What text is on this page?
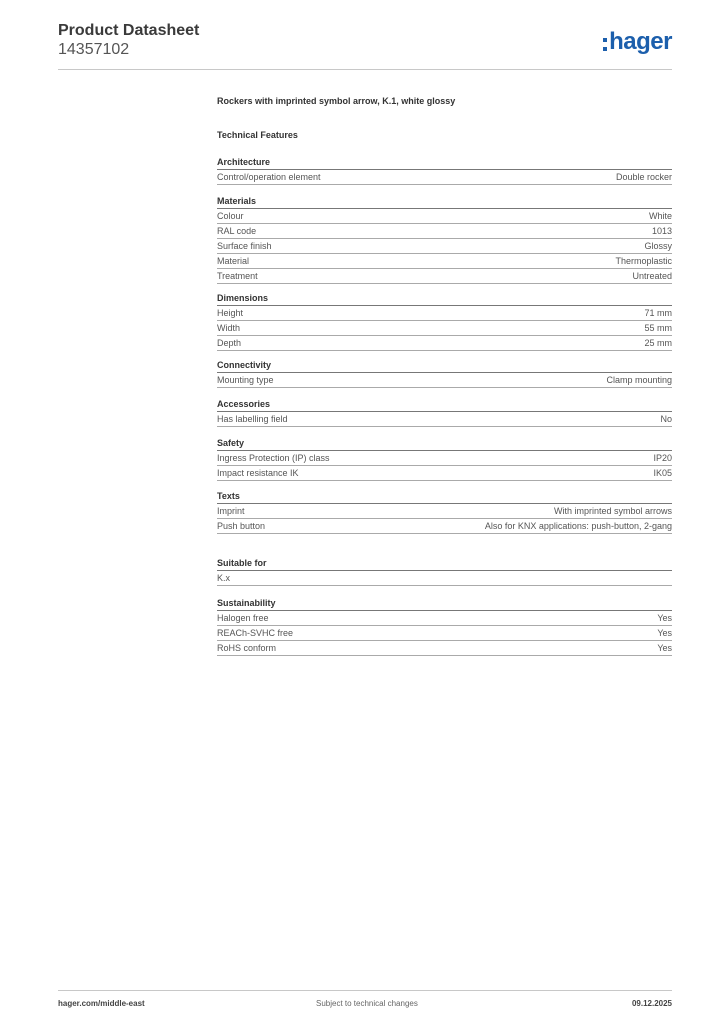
Product Datasheet
14357102	hager
Rockers with imprinted symbol arrow, K.1, white glossy
Technical Features
Architecture
Control/operation element	Double rocker
Materials
Colour	White
RAL code	1013
Surface finish	Glossy
Material	Thermoplastic
Treatment	Untreated
Dimensions
Height	71 mm
Width	55 mm
Depth	25 mm
Connectivity
Mounting type	Clamp mounting
Accessories
Has labelling field	No
Safety
Ingress Protection (IP) class	IP20
Impact resistance IK	IK05
Texts
Imprint	With imprinted symbol arrows
Push button	Also for KNX applications: push-button, 2-gang
Suitable for
K.x
Sustainability
Halogen free	Yes
REACh-SVHC free	Yes
RoHS conform	Yes
hager.com/middle-east	Subject to technical changes	09.12.2025
